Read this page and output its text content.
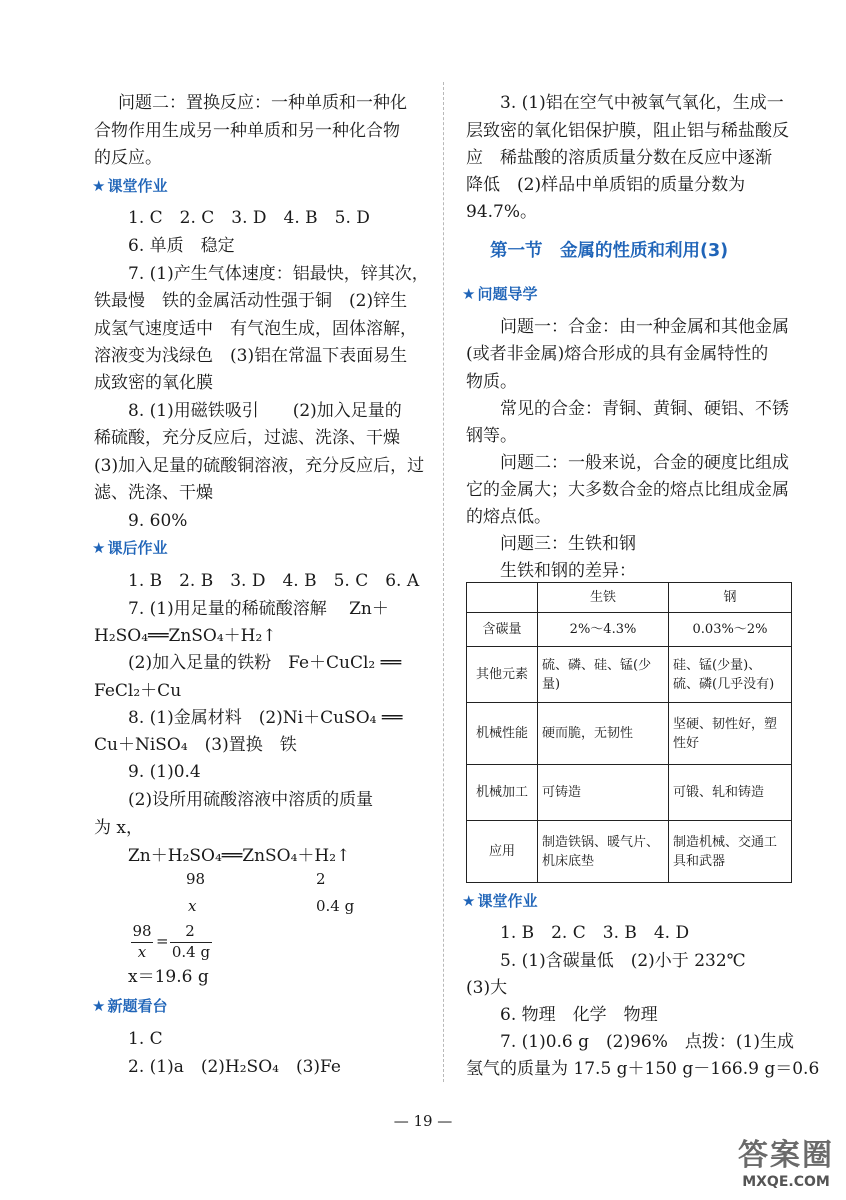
问题二：置换反应：一种单质和一种化
合物作用生成另一种单质和另一种化合物
的反应。
★ 课堂作业
1. C　2. C　3. D　4. B　5. D
6. 单质　稳定
7. (1)产生气体速度：铝最快，锌其次，
铁最慢　铁的金属活动性强于铜　(2)锌生
成氢气速度适中　有气泡生成，固体溶解，
溶液变为浅绿色　(3)铝在常温下表面易生
成致密的氧化膜
8. (1)用磁铁吸引　　(2)加入足量的
稀硫酸，充分反应后，过滤、洗涤、干燥
(3)加入足量的硫酸铜溶液，充分反应后，过
滤、洗涤、干燥
9. 60%
★ 课后作业
1. B　2. B　3. D　4. B　5. C　6. A
7. (1)用足量的稀硫酸溶解　 Zn＋
H₂SO₄══ZnSO₄＋H₂↑
(2)加入足量的铁粉　Fe＋CuCl₂ ══
FeCl₂＋Cu
8. (1)金属材料　(2)Ni＋CuSO₄ ══
Cu＋NiSO₄　(3)置换　铁
9. (1)0.4
(2)设所用硫酸溶液中溶质的质量
为 x，
Zn＋H₂SO₄══ZnSO₄＋H₂↑
98	2
x	0.4 g
98
x
=
2
0.4 g
x＝19.6 g
★ 新题看台
1. C
2. (1)a　(2)H₂SO₄　(3)Fe
3. (1)铝在空气中被氧气氧化，生成一
层致密的氧化铝保护膜，阻止铝与稀盐酸反
应　稀盐酸的溶质质量分数在反应中逐渐
降低　(2)样品中单质铝的质量分数为
94.7%。
第一节　金属的性质和利用(3)
★ 问题导学
问题一：合金：由一种金属和其他金属
(或者非金属)熔合形成的具有金属特性的
物质。
常见的合金：青铜、黄铜、硬铝、不锈
钢等。
问题二：一般来说，合金的硬度比组成
它的金属大；大多数合金的熔点比组成金属
的熔点低。
问题三：生铁和钢
生铁和钢的差异：
	生铁	钢
含碳量	2%～4.3%	0.03%～2%
其他元素	硫、磷、硅、锰(少量)	硅、锰(少量)、硫、磷(几乎没有)
机械性能	硬而脆，无韧性	坚硬、韧性好，塑性好
机械加工	可铸造	可锻、轧和铸造
应用	制造铁锅、暖气片、机床底垫	制造机械、交通工具和武器
★ 课堂作业
1. B　2. C　3. B　4. D
5. (1)含碳量低　(2)小于 232℃
(3)大
6. 物理　化学　物理
7. (1)0.6 g　(2)96%　点拨：(1)生成
氢气的质量为 17.5 g＋150 g－166.9 g＝0.6
— 19 —
答案圈
MXQE.COM
